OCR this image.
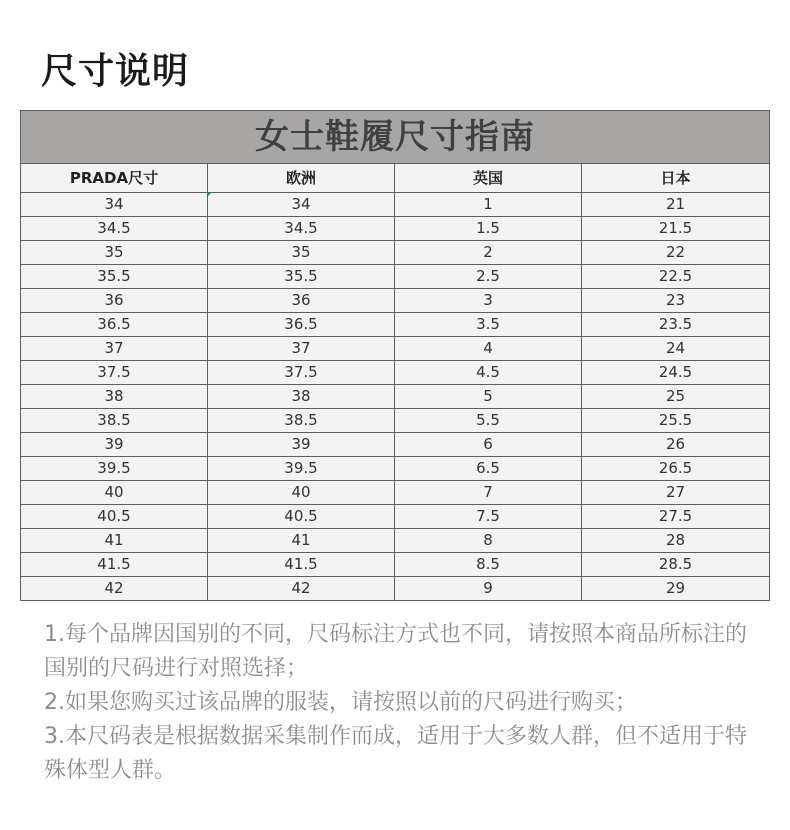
尺寸说明
女士鞋履尺寸指南			
PRADA尺寸	欧洲	英国	日本
34	34	1	21
34.5	34.5	1.5	21.5
35	35	2	22
35.5	35.5	2.5	22.5
36	36	3	23
36.5	36.5	3.5	23.5
37	37	4	24
37.5	37.5	4.5	24.5
38	38	5	25
38.5	38.5	5.5	25.5
39	39	6	26
39.5	39.5	6.5	26.5
40	40	7	27
40.5	40.5	7.5	27.5
41	41	8	28
41.5	41.5	8.5	28.5
42	42	9	29

1.每个品牌因国别的不同，尺码标注方式也不同，请按照本商品所标注的国别的尺码进行对照选择；

2.如果您购买过该品牌的服装，请按照以前的尺码进行购买；

3.本尺码表是根据数据采集制作而成，适用于大多数人群，但不适用于特殊体型人群。
